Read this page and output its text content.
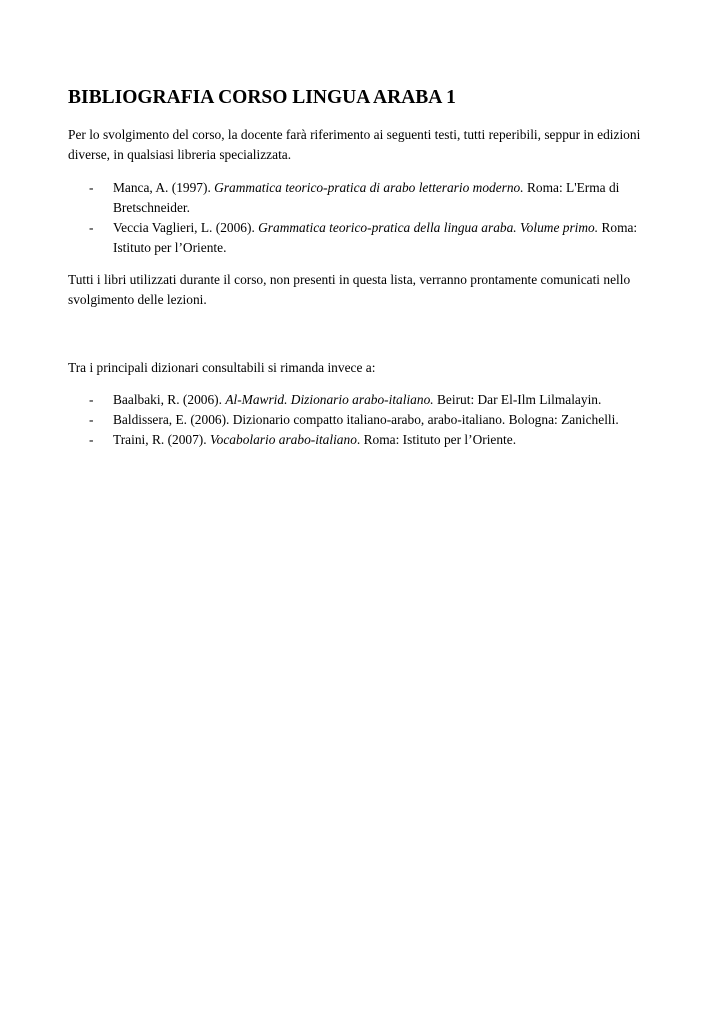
BIBLIOGRAFIA CORSO LINGUA ARABA 1

Per lo svolgimento del corso, la docente farà riferimento ai seguenti testi, tutti reperibili, seppur in edizioni diverse, in qualsiasi libreria specializzata.

- Manca, A. (1997). Grammatica teorico-pratica di arabo letterario moderno. Roma: L'Erma di Bretschneider.
- Veccia Vaglieri, L. (2006). Grammatica teorico-pratica della lingua araba. Volume primo. Roma: Istituto per l’Oriente.

Tutti i libri utilizzati durante il corso, non presenti in questa lista, verranno prontamente comunicati nello svolgimento delle lezioni.

Tra i principali dizionari consultabili si rimanda invece a:

- Baalbaki, R. (2006). Al-Mawrid. Dizionario arabo-italiano. Beirut: Dar El-Ilm Lilmalayin.
- Baldissera, E. (2006). Dizionario compatto italiano-arabo, arabo-italiano. Bologna: Zanichelli.
- Traini, R. (2007). Vocabolario arabo-italiano. Roma: Istituto per l’Oriente.
